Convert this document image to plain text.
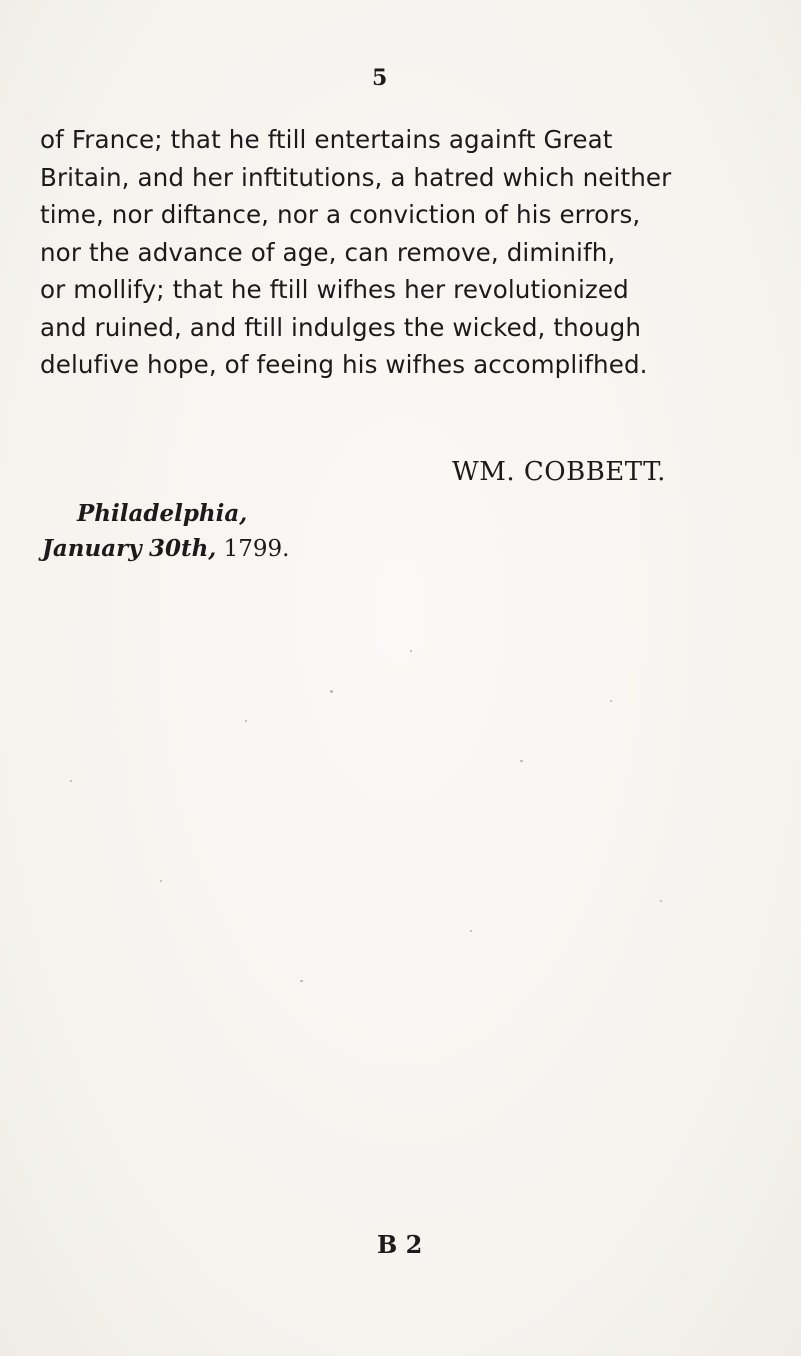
5
of France; that he ftill entertains againft Great
Britain, and her inftitutions, a hatred which neither
time, nor diftance, nor a conviction of his errors,
nor the advance of age, can remove, diminifh,
or mollify; that he ftill wifhes her revolutionized
and ruined, and ftill indulges the wicked, though
delufive hope, of feeing his wifhes accomplifhed.
WM. COBBETT.
Philadelphia,
January 30th, 1799.
B 2
